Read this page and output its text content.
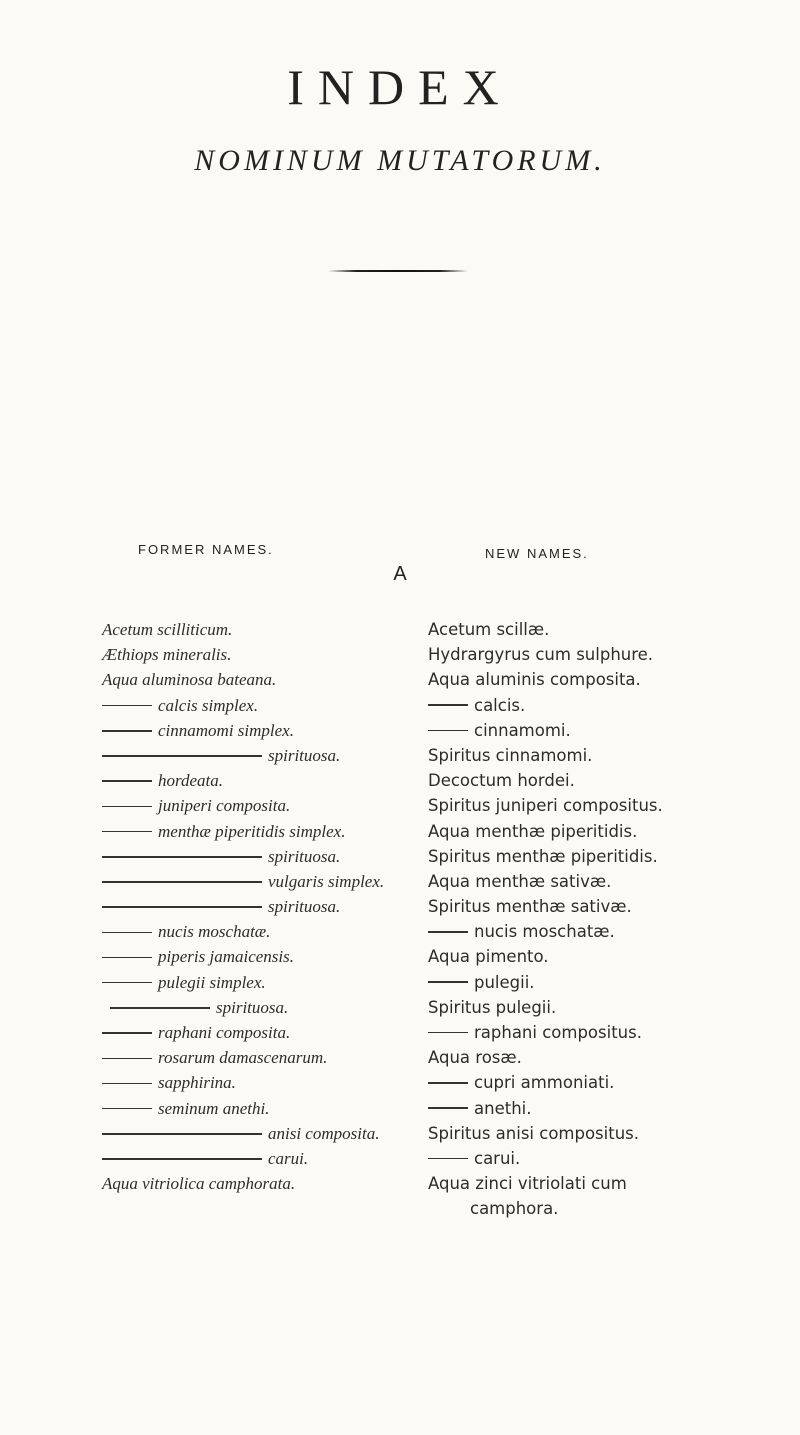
INDEX
NOMINUM MUTATORUM.
FORMER NAMES.	NEW NAMES.
A
Acetum scilliticum.
Æthiops mineralis.
Aqua aluminosa bateana.
calcis simplex.
cinnamomi simplex.
spirituosa.
hordeata.
juniperi composita.
menthæ piperitidis simplex.
spirituosa.
vulgaris simplex.
spirituosa.
nucis moschatæ.
piperis jamaicensis.
pulegii simplex.
spirituosa.
raphani composita.
rosarum damascenarum.
sapphirina.
seminum anethi.
anisi composita.
carui.
Aqua vitriolica camphorata.
Acetum scillæ.
Hydrargyrus cum sulphure.
Aqua aluminis composita.
calcis.
cinnamomi.
Spiritus cinnamomi.
Decoctum hordei.
Spiritus juniperi compositus.
Aqua menthæ piperitidis.
Spiritus menthæ piperitidis.
Aqua menthæ sativæ.
Spiritus menthæ sativæ.
nucis moschatæ.
Aqua pimento.
pulegii.
Spiritus pulegii.
raphani compositus.
Aqua rosæ.
cupri ammoniati.
anethi.
Spiritus anisi compositus.
carui.
Aqua zinci vitriolati cum
camphora.
